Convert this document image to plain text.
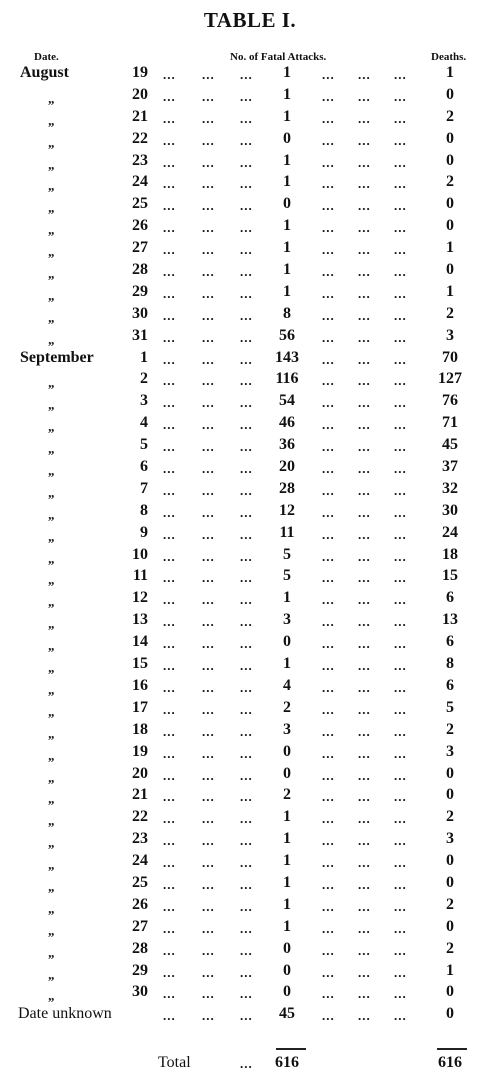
TABLE I.
Date.	No. of Fatal Attacks.	Deaths.
August	19 ... ... ...	1	... ... ...	1
„	20 ... ... ...	1	... ... ...	0
„	21 ... ... ...	1	... ... ...	2
„	22 ... ... ...	0	... ... ...	0
„	23 ... ... ...	1	... ... ...	0
„	24 ... ... ...	1	... ... ...	2
„	25 ... ... ...	0	... ... ...	0
„	26 ... ... ...	1	... ... ...	0
„	27 ... ... ...	1	... ... ...	1
„	28 ... ... ...	1	... ... ...	0
„	29 ... ... ...	1	... ... ...	1
„	30 ... ... ...	8	... ... ...	2
„	31 ... ... ...	56	... ... ...	3
September	1 ... ... ...	143	... ... ...	70
„	2 ... ... ...	116	... ... ...	127
„	3 ... ... ...	54	... ... ...	76
„	4 ... ... ...	46	... ... ...	71
„	5 ... ... ...	36	... ... ...	45
„	6 ... ... ...	20	... ... ...	37
„	7 ... ... ...	28	... ... ...	32
„	8 ... ... ...	12	... ... ...	30
„	9 ... ... ...	11	... ... ...	24
„	10 ... ... ...	5	... ... ...	18
„	11 ... ... ...	5	... ... ...	15
„	12 ... ... ...	1	... ... ...	6
„	13 ... ... ...	3	... ... ...	13
„	14 ... ... ...	0	... ... ...	6
„	15 ... ... ...	1	... ... ...	8
„	16 ... ... ...	4	... ... ...	6
„	17 ... ... ...	2	... ... ...	5
„	18 ... ... ...	3	... ... ...	2
„	19 ... ... ...	0	... ... ...	3
„	20 ... ... ...	0	... ... ...	0
„	21 ... ... ...	2	... ... ...	0
„	22 ... ... ...	1	... ... ...	2
„	23 ... ... ...	1	... ... ...	3
„	24 ... ... ...	1	... ... ...	0
„	25 ... ... ...	1	... ... ...	0
„	26 ... ... ...	1	... ... ...	2
„	27 ... ... ...	1	... ... ...	0
„	28 ... ... ...	0	... ... ...	2
„	29 ... ... ...	0	... ... ...	1
„	30 ... ... ...	0	... ... ...	0
Date unknown	... ... ...	45	... ... ...	0
Total	...	616	616
